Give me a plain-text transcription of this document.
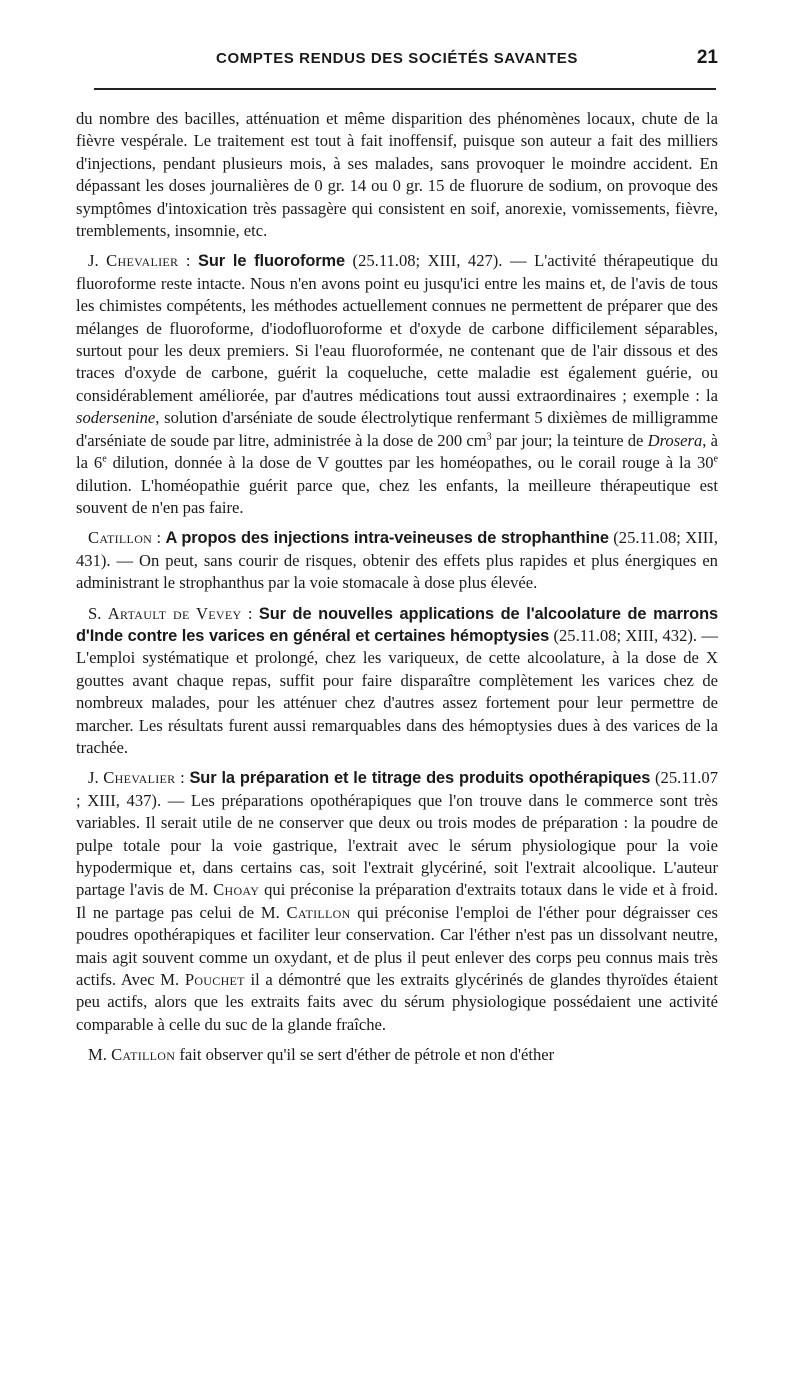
COMPTES RENDUS DES SOCIÉTÉS SAVANTES	21

du nombre des bacilles, atténuation et même disparition des phénomènes locaux, chute de la fièvre vespérale. Le traitement est tout à fait inoffensif, puisque son auteur a fait des milliers d'injections, pendant plusieurs mois, à ses malades, sans provoquer le moindre accident. En dépassant les doses journalières de 0 gr. 14 ou 0 gr. 15 de fluorure de sodium, on provoque des symptômes d'intoxication très passagère qui consistent en soif, anorexie, vomissements, fièvre, tremblements, insomnie, etc.

J. Chevalier : Sur le fluoroforme (25.11.08; XIII, 427). — L'activité thérapeutique du fluoroforme reste intacte. Nous n'en avons point eu jusqu'ici entre les mains et, de l'avis de tous les chimistes compétents, les méthodes actuellement connues ne permettent de préparer que des mélanges de fluoroforme, d'iodofluoroforme et d'oxyde de carbone difficilement séparables, surtout pour les deux premiers. Si l'eau fluoroformée, ne contenant que de l'air dissous et des traces d'oxyde de carbone, guérit la coqueluche, cette maladie est également guérie, ou considérablement améliorée, par d'autres médications tout aussi extraordinaires ; exemple : la sodersenine, solution d'arséniate de soude électrolytique renfermant 5 dixièmes de milligramme d'arséniate de soude par litre, administrée à la dose de 200 $cm^3$ par jour; la teinture de Drosera, à la 6e dilution, donnée à la dose de V gouttes par les homéopathes, ou le corail rouge à la 30e dilution. L'homéopathie guérit parce que, chez les enfants, la meilleure thérapeutique est souvent de n'en pas faire.

Catillon : A propos des injections intra-veineuses de strophanthine (25.11.08; XIII, 431). — On peut, sans courir de risques, obtenir des effets plus rapides et plus énergiques en administrant le strophanthus par la voie stomacale à dose plus élevée.

S. Artault de Vevey : Sur de nouvelles applications de l'alcoolature de marrons d'Inde contre les varices en général et certaines hémoptysies (25.11.08; XIII, 432). — L'emploi systématique et prolongé, chez les variqueux, de cette alcoolature, à la dose de X gouttes avant chaque repas, suffit pour faire disparaître complètement les varices chez de nombreux malades, pour les atténuer chez d'autres assez fortement pour leur permettre de marcher. Les résultats furent aussi remarquables dans des hémoptysies dues à des varices de la trachée.

J. Chevalier : Sur la préparation et le titrage des produits opothérapiques (25.11.07 ; XIII, 437). — Les préparations opothérapiques que l'on trouve dans le commerce sont très variables. Il serait utile de ne conserver que deux ou trois modes de préparation : la poudre de pulpe totale pour la voie gastrique, l'extrait avec le sérum physiologique pour la voie hypodermique et, dans certains cas, soit l'extrait glycériné, soit l'extrait alcoolique. L'auteur partage l'avis de M. Choay qui préconise la préparation d'extraits totaux dans le vide et à froid. Il ne partage pas celui de M. Catillon qui préconise l'emploi de l'éther pour dégraisser ces poudres opothérapiques et faciliter leur conservation. Car l'éther n'est pas un dissolvant neutre, mais agit souvent comme un oxydant, et de plus il peut enlever des corps peu connus mais très actifs. Avec M. Pouchet il a démontré que les extraits glycérinés de glandes thyroïdes étaient peu actifs, alors que les extraits faits avec du sérum physiologique possédaient une activité comparable à celle du suc de la glande fraîche.

M. Catillon fait observer qu'il se sert d'éther de pétrole et non d'éther
